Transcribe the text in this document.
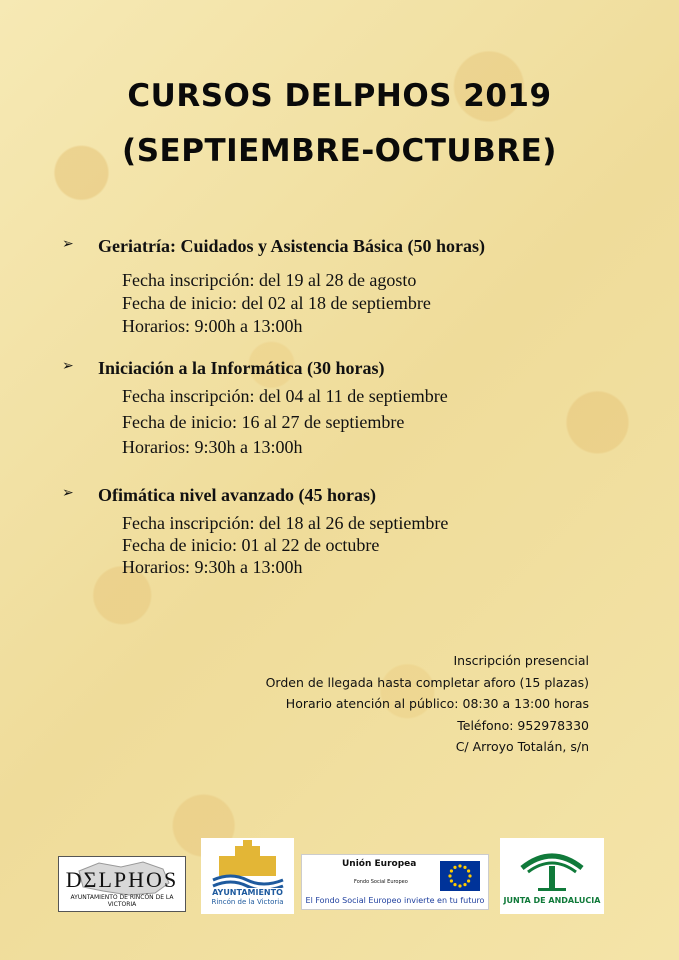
CURSOS DELPHOS 2019
(SEPTIEMBRE-OCTUBRE)
➢ Geriatría: Cuidados y Asistencia Básica (50 horas)
Fecha inscripción: del 19 al 28 de agosto
Fecha de inicio: del 02 al 18 de septiembre
Horarios: 9:00h a 13:00h
➢ Iniciación a la Informática (30 horas)
Fecha inscripción: del 04 al 11 de septiembre
Fecha de inicio: 16 al 27 de septiembre
Horarios: 9:30h a 13:00h
➢ Ofimática nivel avanzado (45 horas)
Fecha inscripción: del 18 al 26 de septiembre
Fecha de inicio: 01 al 22 de octubre
Horarios: 9:30h a 13:00h
Inscripción presencial
Orden de llegada hasta completar aforo (15 plazas)
Horario atención al público: 08:30 a 13:00 horas
Teléfono: 952978330
C/ Arroyo Totalán, s/n
DΣLPHOS
AYUNTAMIENTO DE RINCÓN DE LA VICTORIA
AYUNTAMIENTO
Rincón de la Victoria
Unión Europea
Fondo Social Europeo
El Fondo Social Europeo invierte en tu futuro	JUNTA DE ANDALUCIA
